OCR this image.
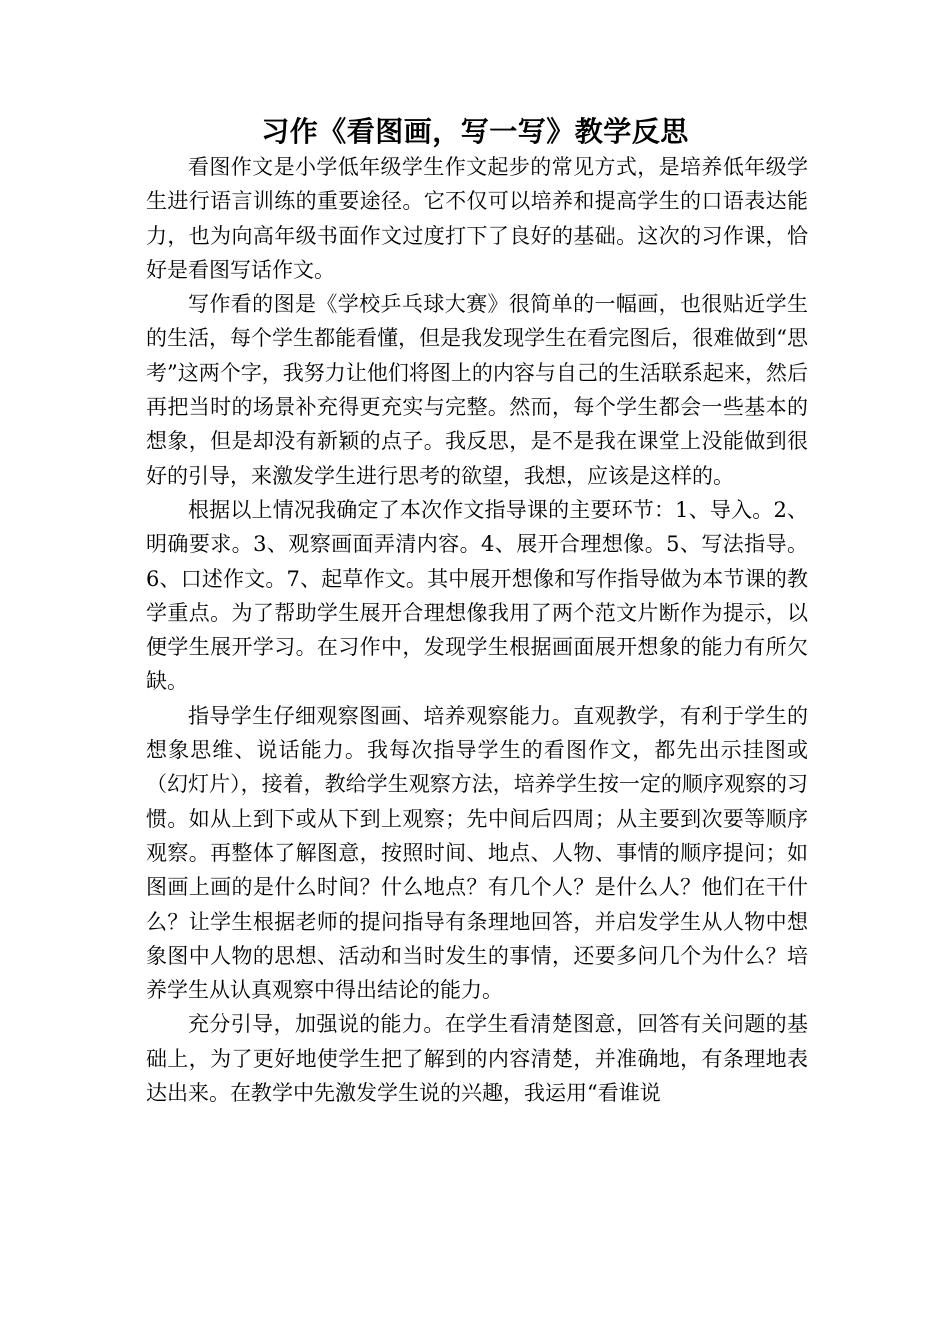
习作《看图画，写一写》教学反思

看图作文是小学低年级学生作文起步的常见方式，是培养低年级学生进行语言训练的重要途径。它不仅可以培养和提高学生的口语表达能力，也为向高年级书面作文过度打下了良好的基础。这次的习作课，恰好是看图写话作文。

写作看的图是《学校乒乓球大赛》很简单的一幅画，也很贴近学生的生活，每个学生都能看懂，但是我发现学生在看完图后，很难做到“思考”这两个字，我努力让他们将图上的内容与自己的生活联系起来，然后再把当时的场景补充得更充实与完整。然而，每个学生都会一些基本的想象，但是却没有新颖的点子。我反思，是不是我在课堂上没能做到很好的引导，来激发学生进行思考的欲望，我想，应该是这样的。

根据以上情况我确定了本次作文指导课的主要环节：1、导入。2、明确要求。3、观察画面弄清内容。4、展开合理想像。5、写法指导。6、口述作文。7、起草作文。其中展开想像和写作指导做为本节课的教学重点。为了帮助学生展开合理想像我用了两个范文片断作为提示，以便学生展开学习。在习作中，发现学生根据画面展开想象的能力有所欠缺。

指导学生仔细观察图画、培养观察能力。直观教学，有利于学生的想象思维、说话能力。我每次指导学生的看图作文，都先出示挂图或（幻灯片），接着，教给学生观察方法，培养学生按一定的顺序观察的习惯。如从上到下或从下到上观察；先中间后四周；从主要到次要等顺序观察。再整体了解图意，按照时间、地点、人物、事情的顺序提问；如图画上画的是什么时间？什么地点？有几个人？是什么人？他们在干什么？让学生根据老师的提问指导有条理地回答，并启发学生从人物中想象图中人物的思想、活动和当时发生的事情，还要多问几个为什么？培养学生从认真观察中得出结论的能力。

充分引导，加强说的能力。在学生看清楚图意，回答有关问题的基础上，为了更好地使学生把了解到的内容清楚，并准确地，有条理地表达出来。在教学中先激发学生说的兴趣，我运用“看谁说
